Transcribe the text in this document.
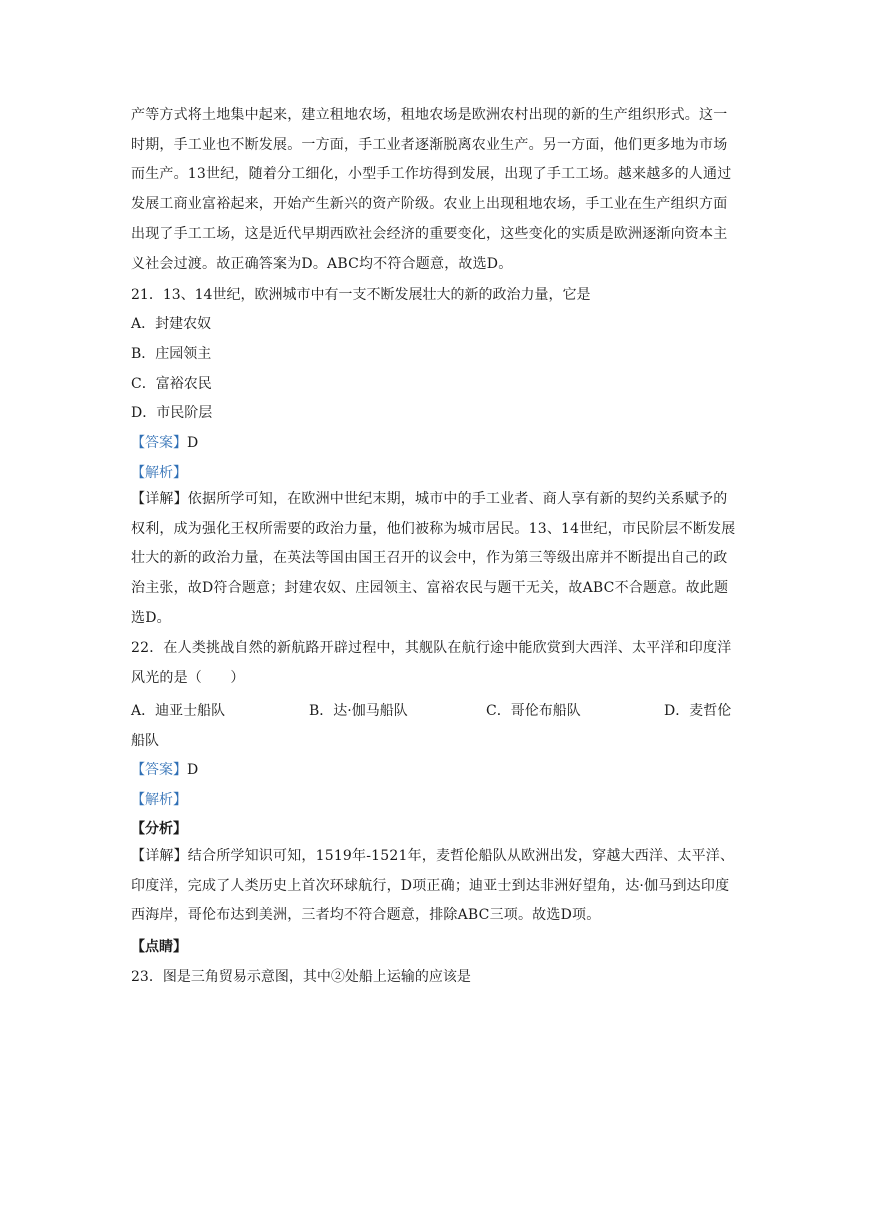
产等方式将土地集中起来，建立租地农场，租地农场是欧洲农村出现的新的生产组织形式。这一时期，手工业也不断发展。一方面，手工业者逐渐脱离农业生产。另一方面，他们更多地为市场而生产。13世纪，随着分工细化，小型手工作坊得到发展，出现了手工工场。越来越多的人通过发展工商业富裕起来，开始产生新兴的资产阶级。农业上出现租地农场，手工业在生产组织方面出现了手工工场，这是近代早期西欧社会经济的重要变化，这些变化的实质是欧洲逐渐向资本主义社会过渡。故正确答案为D。ABC均不符合题意，故选D。
21．13、14世纪，欧洲城市中有一支不断发展壮大的新的政治力量，它是
A．封建农奴
B．庄园领主
C．富裕农民
D．市民阶层
【答案】D
【解析】
【详解】依据所学可知，在欧洲中世纪末期，城市中的手工业者、商人享有新的契约关系赋予的权利，成为强化王权所需要的政治力量，他们被称为城市居民。13、14世纪，市民阶层不断发展壮大的新的政治力量，在英法等国由国王召开的议会中，作为第三等级出席并不断提出自己的政治主张，故D符合题意；封建农奴、庄园领主、富裕农民与题干无关，故ABC不合题意。故此题选D。
22．在人类挑战自然的新航路开辟过程中，其舰队在航行途中能欣赏到大西洋、太平洋和印度洋风光的是（　　）
A．迪亚士船队	B．达·伽马船队	C．哥伦布船队	D．麦哲伦
船队
【答案】D
【解析】
【分析】
【详解】结合所学知识可知，1519年-1521年，麦哲伦船队从欧洲出发，穿越大西洋、太平洋、印度洋，完成了人类历史上首次环球航行，D项正确；迪亚士到达非洲好望角，达·伽马到达印度西海岸，哥伦布达到美洲，三者均不符合题意，排除ABC三项。故选D项。
【点睛】
23．图是三角贸易示意图，其中②处船上运输的应该是
